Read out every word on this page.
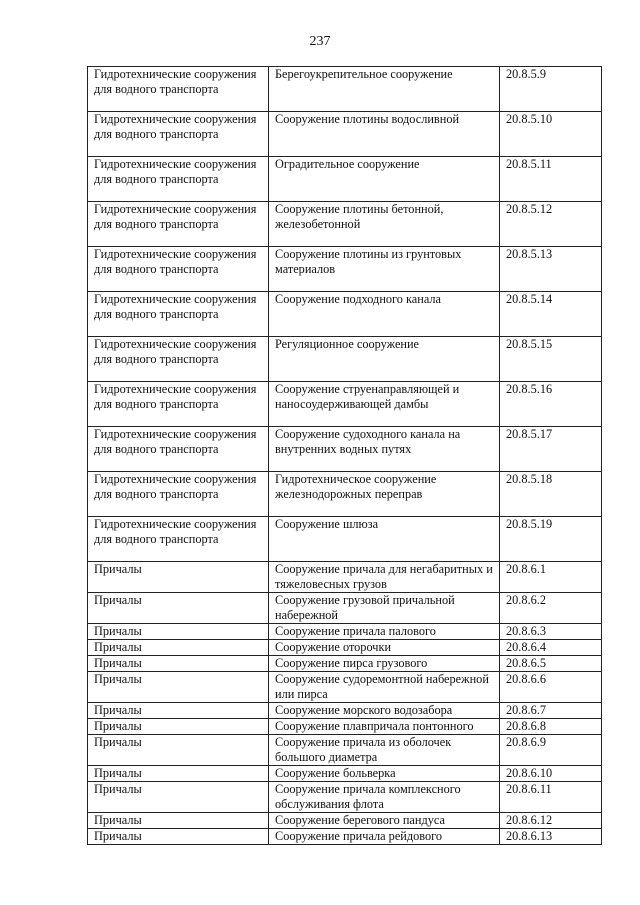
237
Гидротехнические сооружения для водного транспорта	Берегоукрепительное сооружение	20.8.5.9
Гидротехнические сооружения для водного транспорта	Сооружение плотины водосливной	20.8.5.10
Гидротехнические сооружения для водного транспорта	Оградительное сооружение	20.8.5.11
Гидротехнические сооружения для водного транспорта	Сооружение плотины бетонной, железобетонной	20.8.5.12
Гидротехнические сооружения для водного транспорта	Сооружение плотины из грунтовых материалов	20.8.5.13
Гидротехнические сооружения для водного транспорта	Сооружение подходного канала	20.8.5.14
Гидротехнические сооружения для водного транспорта	Регуляционное сооружение	20.8.5.15
Гидротехнические сооружения для водного транспорта	Сооружение струенаправляющей и наносоудерживающей дамбы	20.8.5.16
Гидротехнические сооружения для водного транспорта	Сооружение судоходного канала на внутренних водных путях	20.8.5.17
Гидротехнические сооружения для водного транспорта	Гидротехническое сооружение железнодорожных переправ	20.8.5.18
Гидротехнические сооружения для водного транспорта	Сооружение шлюза	20.8.5.19
Причалы	Сооружение причала для негабаритных и тяжеловесных грузов	20.8.6.1
Причалы	Сооружение грузовой причальной набережной	20.8.6.2
Причалы	Сооружение причала палового	20.8.6.3
Причалы	Сооружение оторочки	20.8.6.4
Причалы	Сооружение пирса грузового	20.8.6.5
Причалы	Сооружение судоремонтной набережной или пирса	20.8.6.6
Причалы	Сооружение морского водозабора	20.8.6.7
Причалы	Сооружение плавпричала понтонного	20.8.6.8
Причалы	Сооружение причала из оболочек большого диаметра	20.8.6.9
Причалы	Сооружение больверка	20.8.6.10
Причалы	Сооружение причала комплексного обслуживания флота	20.8.6.11
Причалы	Сооружение берегового пандуса	20.8.6.12
Причалы	Сооружение причала рейдового	20.8.6.13
